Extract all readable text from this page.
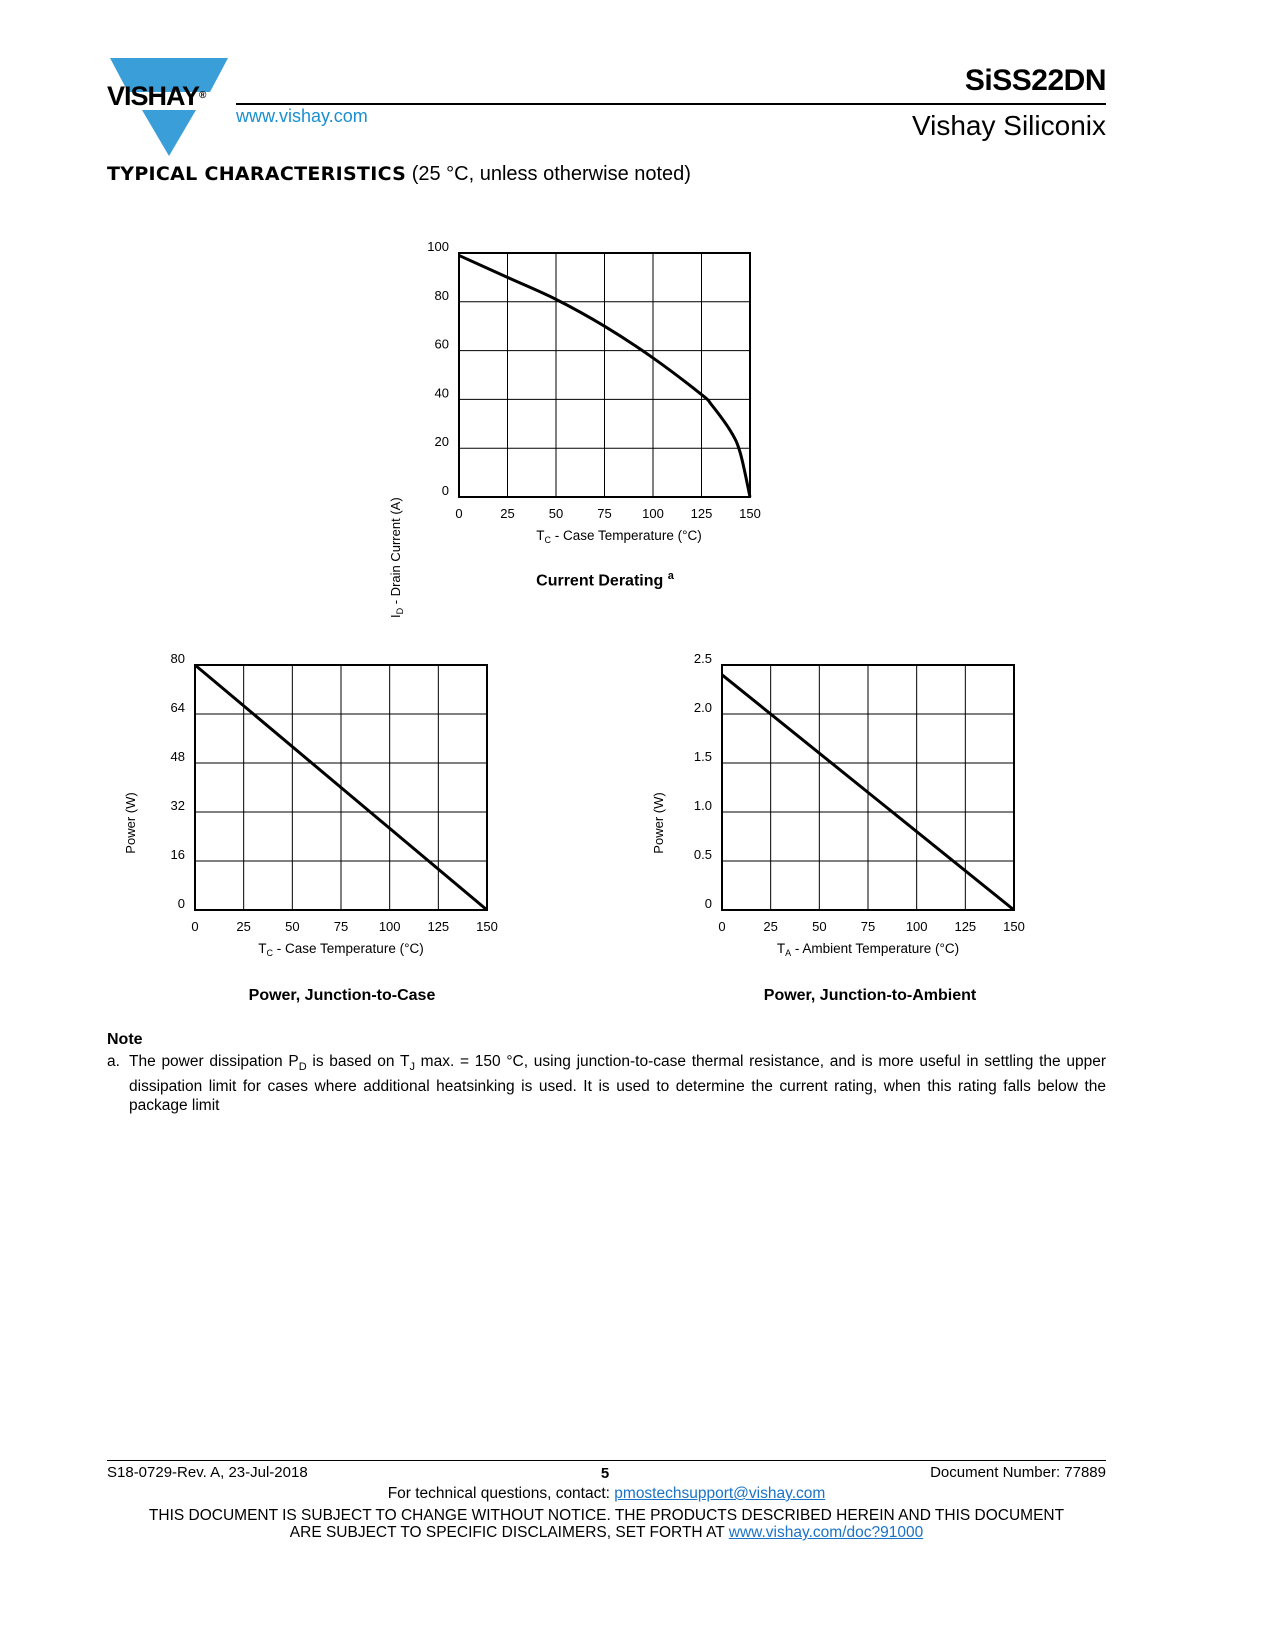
VISHAY®
www.vishay.com
SiSS22DN
Vishay Siliconix
TYPICAL CHARACTERISTICS (25 °C, unless otherwise noted)
0
20
40
60
80
100
0	25	50	75 100 125 150
$I_D$ - Drain Current (A)	$T_C$ - Case Temperature (°C)
Current Derating $^a$
0
16
32
48
64
80
0	25	50	75 100 125 150
Power (W)
$T_C$ - Case Temperature (°C)
Power, Junction-to-Case
0
0.5
1.0
1.5
2.0
2.5
0	25	50	75 100 125 150
Power (W)
$T_A$ - Ambient Temperature (°C)
Power, Junction-to-Ambient
Note
a. The power dissipation $P_D$ is based on $T_J$ max. = 150 °C, using junction-to-case thermal resistance, and is more useful in settling the upper dissipation limit for cases where additional heatsinking is used. It is used to determine the current rating, when this rating falls below the package limit
S18-0729-Rev. A, 23-Jul-2018	5	Document Number: 77889
For technical questions, contact: pmostechsupport@vishay.com
THIS DOCUMENT IS SUBJECT TO CHANGE WITHOUT NOTICE. THE PRODUCTS DESCRIBED HEREIN AND THIS DOCUMENT
ARE SUBJECT TO SPECIFIC DISCLAIMERS, SET FORTH AT www.vishay.com/doc?91000
